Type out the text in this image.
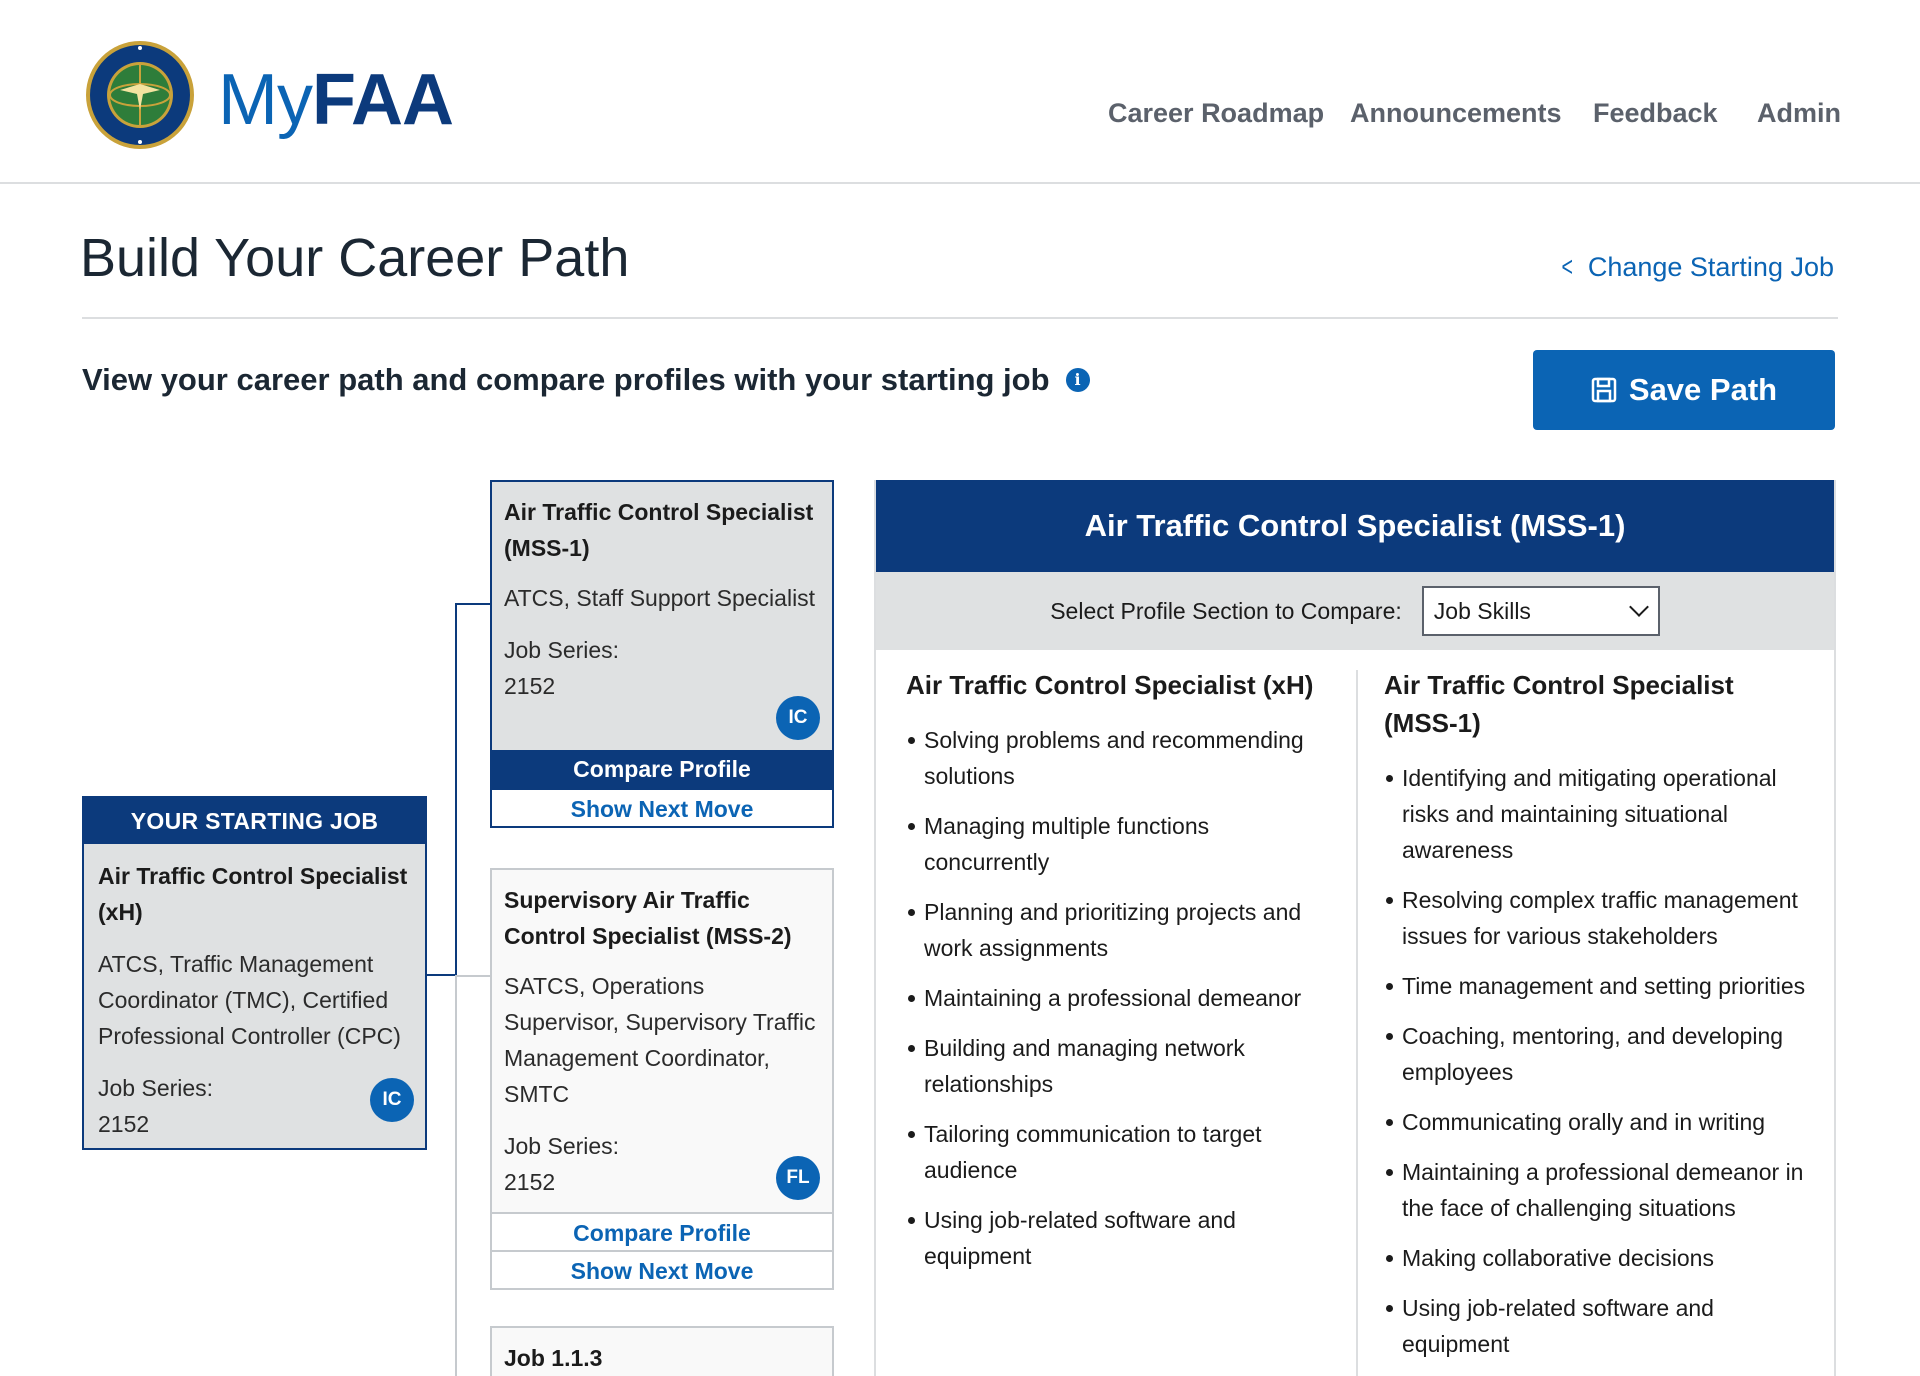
MyFAA	Career Roadmap Announcements Feedback Admin
Build Your Career Path	< Change Starting Job
View your career path and compare profiles with your starting job	i	Save Path
YOUR STARTING JOB
Air Traffic Control Specialist (xH)
ATCS, Traffic Management Coordinator (TMC), Certified Professional Controller (CPC)
Job Series:
2152
IC
Air Traffic Control Specialist (MSS-1)
ATCS, Staff Support Specialist
Job Series:
2152
IC
Compare Profile
Show Next Move
Supervisory Air Traffic Control Specialist (MSS-2)
SATCS, Operations Supervisor, Supervisory Traffic Management Coordinator, SMTC
Job Series:
2152	FL
Compare Profile
Show Next Move
Job 1.1.3
Air Traffic Control Specialist (MSS-1)
Select Profile Section to Compare: Job Skills
Air Traffic Control Specialist (xH)
Solving problems and recommending solutions
Managing multiple functions concurrently
Planning and prioritizing projects and work assignments
Maintaining a professional demeanor
Building and managing network relationships
Tailoring communication to target audience
Using job-related software and equipment
Air Traffic Control Specialist (MSS-1)
Identifying and mitigating operational risks and maintaining situational awareness
Resolving complex traffic management issues for various stakeholders
Time management and setting priorities
Coaching, mentoring, and developing employees
Communicating orally and in writing
Maintaining a professional demeanor in the face of challenging situations
Making collaborative decisions
Using job-related software and equipment
